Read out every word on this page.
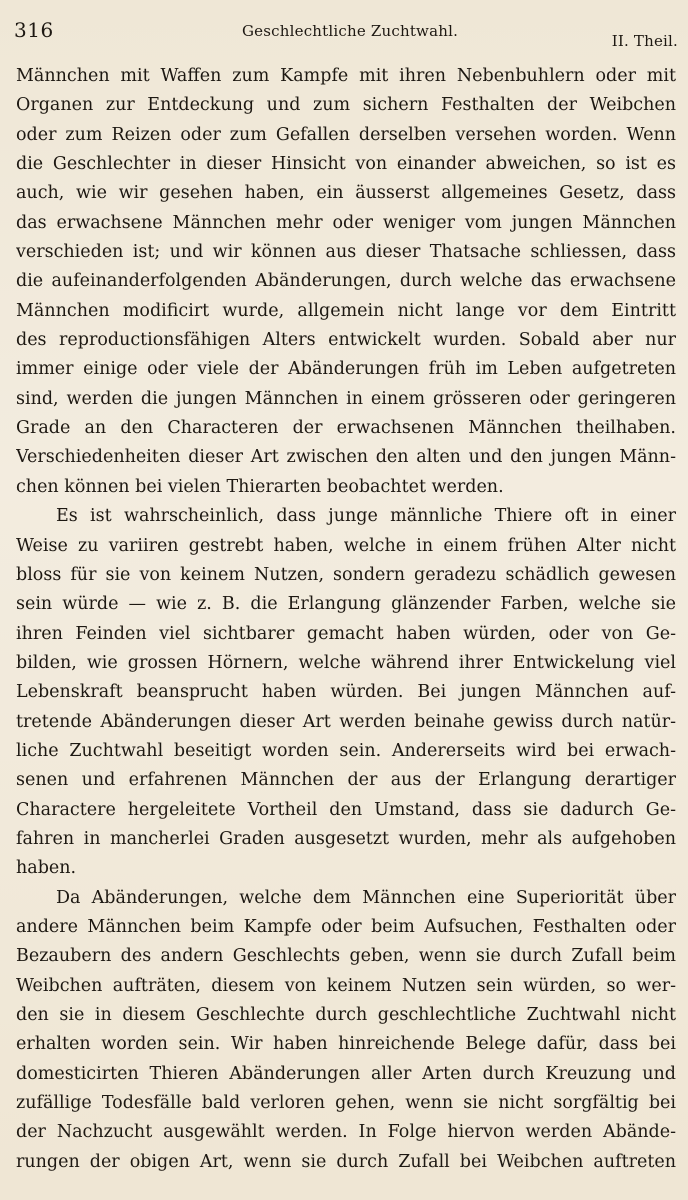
316	Geschlechtliche Zuchtwahl.
II. Theil.
Männchen mit Waffen zum Kampfe mit ihren Nebenbuhlern oder mit
Organen zur Entdeckung und zum sichern Festhalten der Weibchen
oder zum Reizen oder zum Gefallen derselben versehen worden. Wenn
die Geschlechter in dieser Hinsicht von einander abweichen, so ist es
auch, wie wir gesehen haben, ein äusserst allgemeines Gesetz, dass
das erwachsene Männchen mehr oder weniger vom jungen Männchen
verschieden ist; und wir können aus dieser Thatsache schliessen, dass
die aufeinanderfolgenden Abänderungen, durch welche das erwachsene
Männchen modificirt wurde, allgemein nicht lange vor dem Eintritt
des reproductionsfähigen Alters entwickelt wurden. Sobald aber nur
immer einige oder viele der Abänderungen früh im Leben aufgetreten
sind, werden die jungen Männchen in einem grösseren oder geringeren
Grade an den Characteren der erwachsenen Männchen theilhaben.
Verschiedenheiten dieser Art zwischen den alten und den jungen Männ-
chen können bei vielen Thierarten beobachtet werden.
Es ist wahrscheinlich, dass junge männliche Thiere oft in einer
Weise zu variiren gestrebt haben, welche in einem frühen Alter nicht
bloss für sie von keinem Nutzen, sondern geradezu schädlich gewesen
sein würde — wie z. B. die Erlangung glänzender Farben, welche sie
ihren Feinden viel sichtbarer gemacht haben würden, oder von Ge-
bilden, wie grossen Hörnern, welche während ihrer Entwickelung viel
Lebenskraft beansprucht haben würden. Bei jungen Männchen auf-
tretende Abänderungen dieser Art werden beinahe gewiss durch natür-
liche Zuchtwahl beseitigt worden sein. Andererseits wird bei erwach-
senen und erfahrenen Männchen der aus der Erlangung derartiger
Charactere hergeleitete Vortheil den Umstand, dass sie dadurch Ge-
fahren in mancherlei Graden ausgesetzt wurden, mehr als aufgehoben
haben.
Da Abänderungen, welche dem Männchen eine Superiorität über
andere Männchen beim Kampfe oder beim Aufsuchen, Festhalten oder
Bezaubern des andern Geschlechts geben, wenn sie durch Zufall beim
Weibchen aufträten, diesem von keinem Nutzen sein würden, so wer-
den sie in diesem Geschlechte durch geschlechtliche Zuchtwahl nicht
erhalten worden sein. Wir haben hinreichende Belege dafür, dass bei
domesticirten Thieren Abänderungen aller Arten durch Kreuzung und
zufällige Todesfälle bald verloren gehen, wenn sie nicht sorgfältig bei
der Nachzucht ausgewählt werden. In Folge hiervon werden Abände-
rungen der obigen Art, wenn sie durch Zufall bei Weibchen auftreten
